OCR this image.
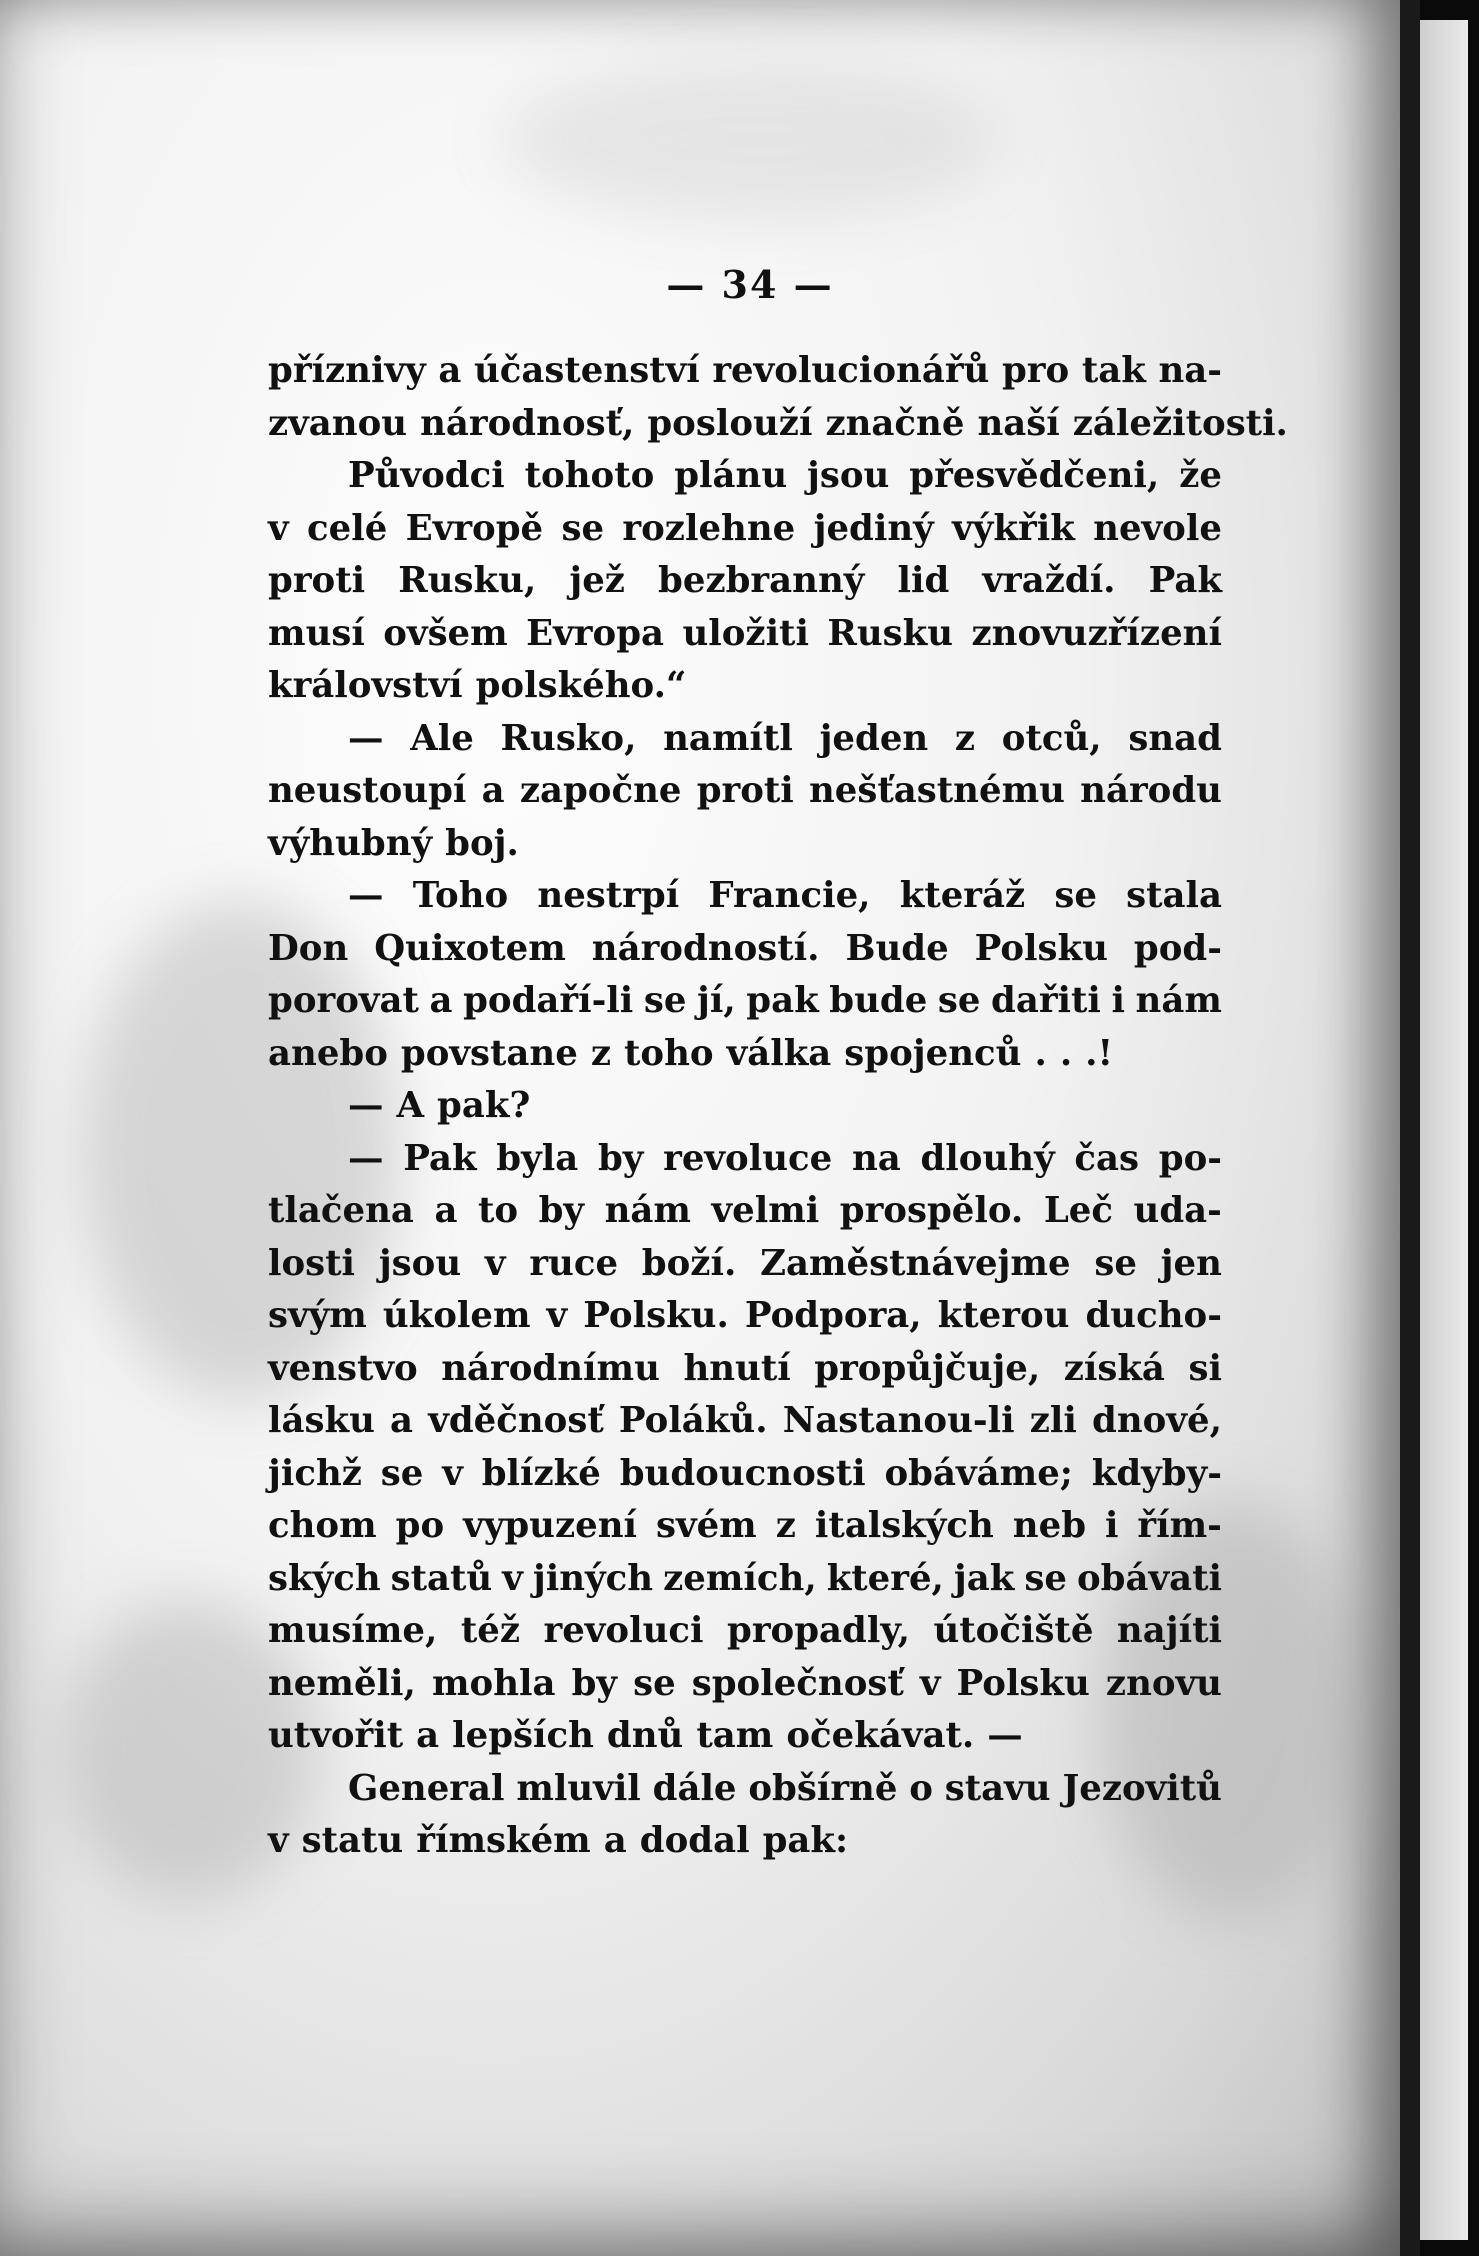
— 34 —
příznivy a účastenství revolucionářů pro tak na-
zvanou národnosť, poslouží značně naší záležitosti.
Původci tohoto plánu jsou přesvědčeni, že
v celé Evropě se rozlehne jediný výkřik nevole
proti Rusku, jež bezbranný lid vraždí. Pak
musí ovšem Evropa uložiti Rusku znovuzřízení
království polského.“
— Ale Rusko, namítl jeden z otců, snad
neustoupí a započne proti nešťastnému národu
výhubný boj.
— Toho nestrpí Francie, kteráž se stala
Don Quixotem národností. Bude Polsku pod-
porovat a podaří-li se jí, pak bude se dařiti i nám
anebo povstane z toho válka spojenců . . .!
— A pak?
— Pak byla by revoluce na dlouhý čas po-
tlačena a to by nám velmi prospělo. Leč uda-
losti jsou v ruce boží. Zaměstnávejme se jen
svým úkolem v Polsku. Podpora, kterou ducho-
venstvo národnímu hnutí propůjčuje, získá si
lásku a vděčnosť Poláků. Nastanou-li zli dnové,
jichž se v blízké budoucnosti obáváme; kdyby-
chom po vypuzení svém z italských neb i řím-
ských statů v jiných zemích, které, jak se obávati
musíme, též revoluci propadly, útočiště najíti
neměli, mohla by se společnosť v Polsku znovu
utvořit a lepších dnů tam očekávat. —
General mluvil dále obšírně o stavu Jezovitů
v statu římském a dodal pak:
